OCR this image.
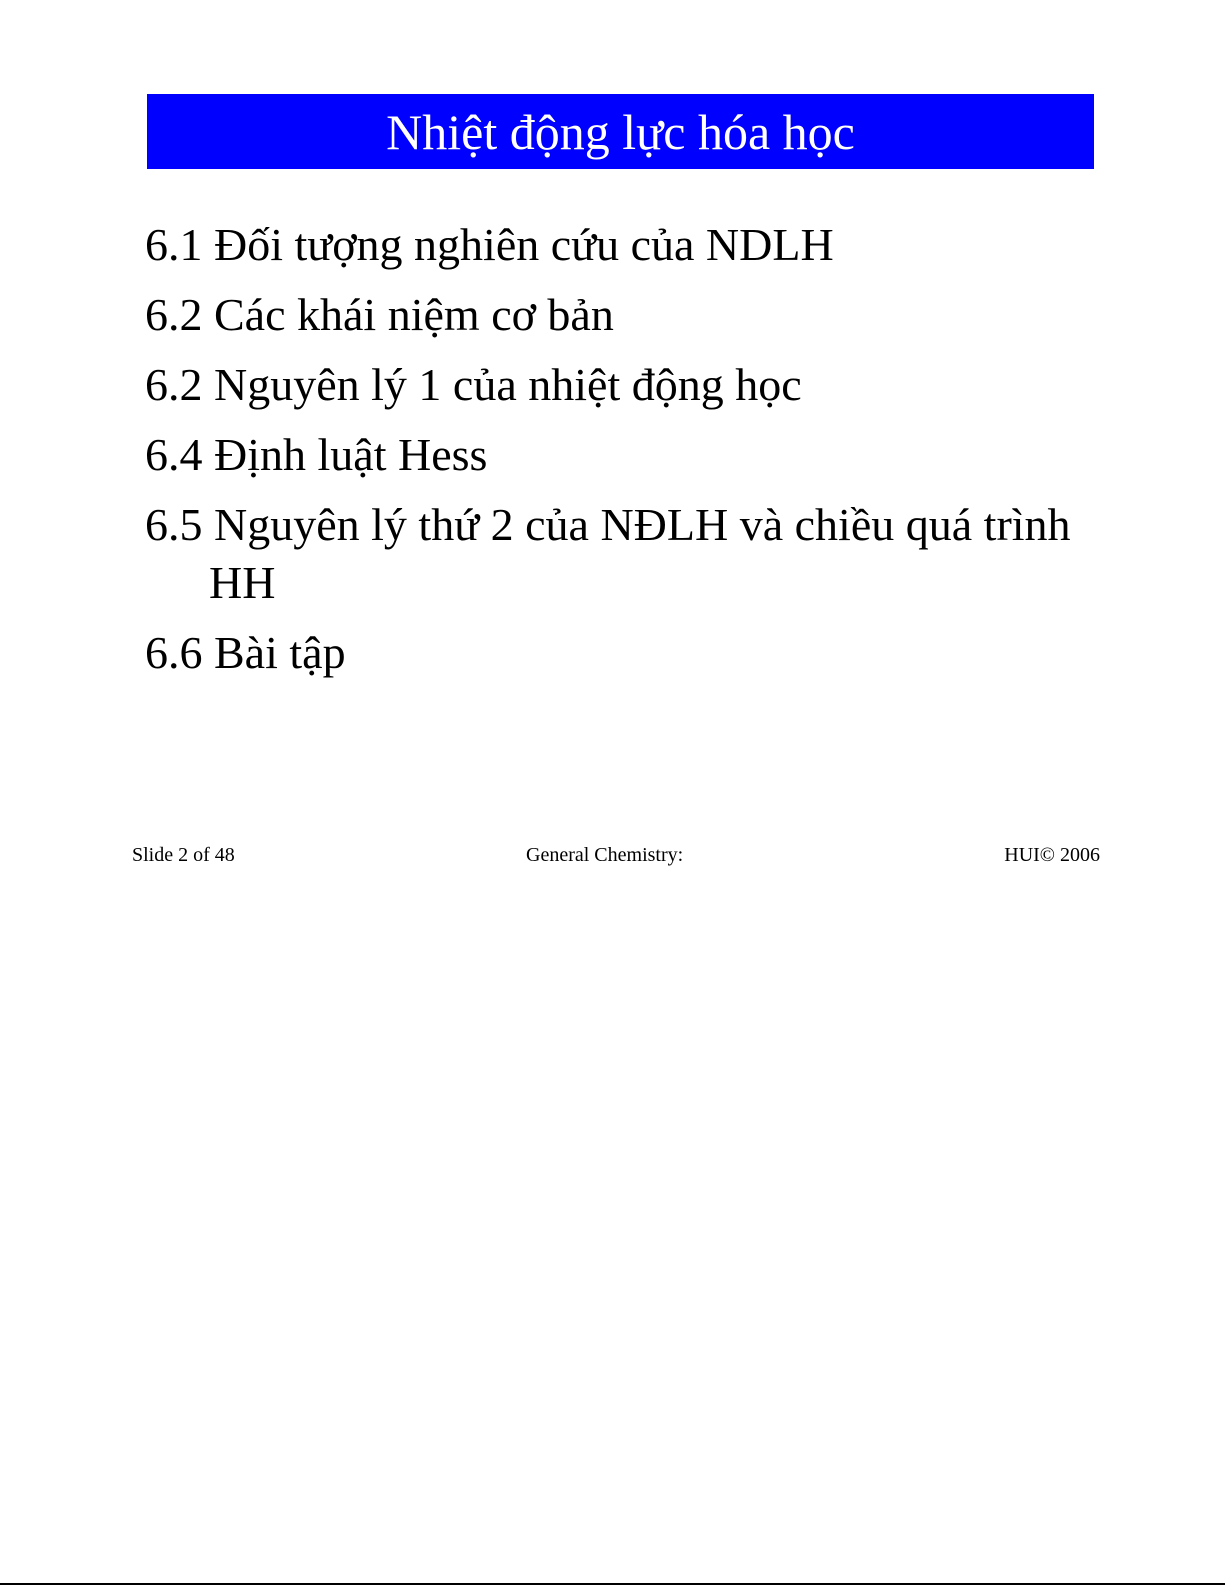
Nhiệt động lực hóa học
6.1 Đối tượng nghiên cứu của NDLH
6.2 Các khái niệm cơ bản
6.2 Nguyên lý 1 của nhiệt động học
6.4 Định luật Hess
6.5 Nguyên lý thứ 2 của NĐLH và chiều quá trình HH
6.6 Bài tập
Slide 2 of 48	General Chemistry:	HUI© 2006
